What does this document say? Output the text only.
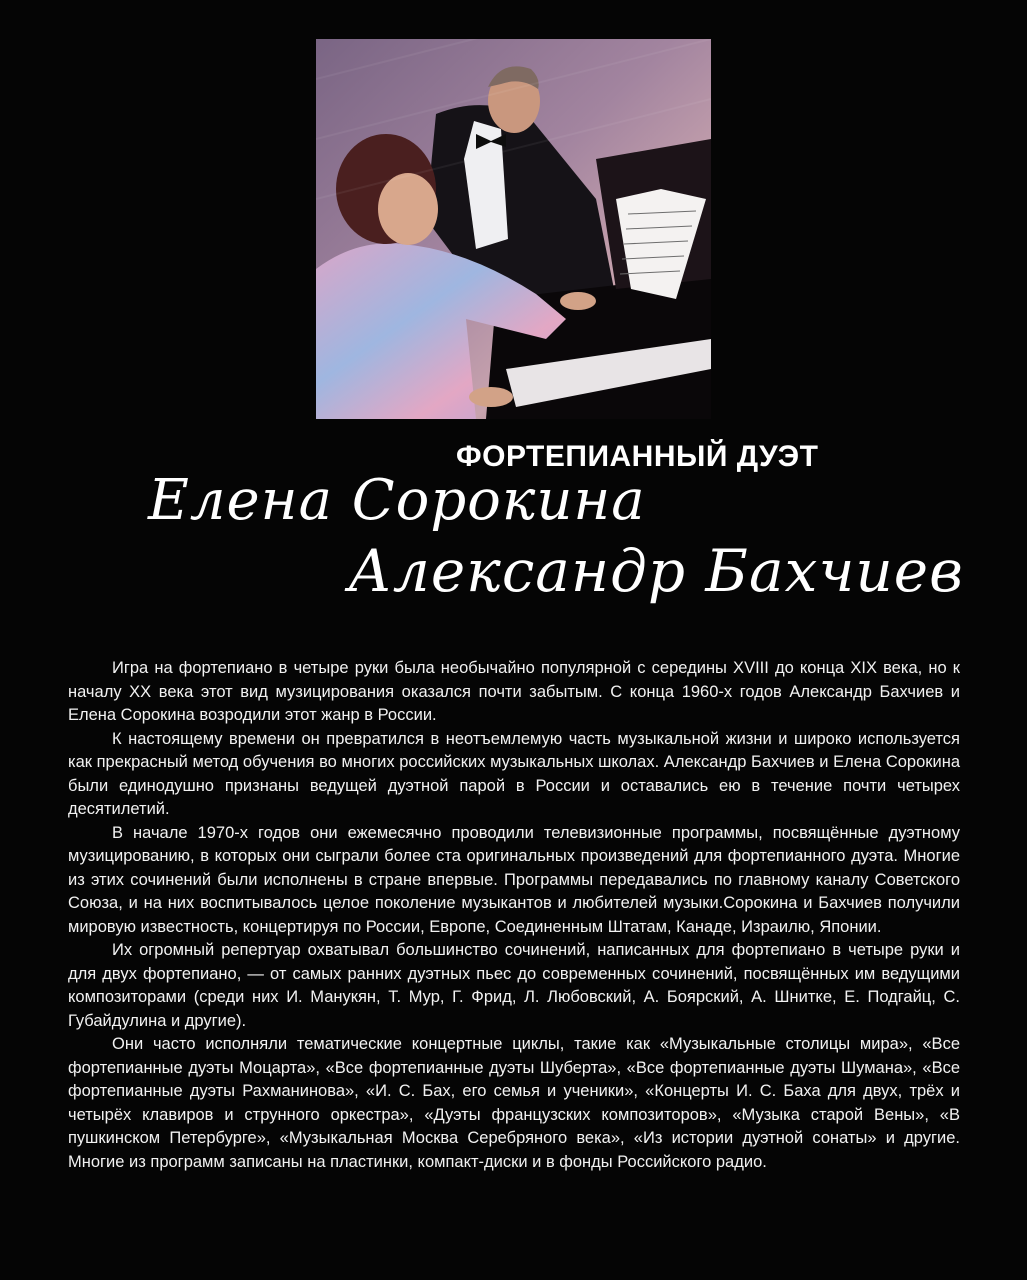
ФОРТЕПИАННЫЙ ДУЭТ
Елена Сорокина
Александр Бахчиев

Игра на фортепиано в четыре руки была необычайно популярной с середины XVIII до конца XIX века, но к началу XX века этот вид музицирования оказался почти забытым. С конца 1960-х годов Александр Бахчиев и Елена Сорокина возродили этот жанр в России.

К настоящему времени он превратился в неотъемлемую часть музыкальной жизни и широко используется как прекрасный метод обучения во многих российских музыкальных школах. Александр Бахчиев и Елена Сорокина были единодушно признаны ведущей дуэтной парой в России и оставались ею в течение почти четырех десятилетий.

В начале 1970-х годов они ежемесячно проводили телевизионные программы, посвящённые дуэтному музицированию, в которых они сыграли более ста оригинальных произведений для фортепианного дуэта. Многие из этих сочинений были исполнены в стране впервые. Программы передавались по главному каналу Советского Союза, и на них воспитывалось целое поколение музыкантов и любителей музыки.Сорокина и Бахчиев получили мировую известность, концертируя по России, Европе, Соединенным Штатам, Канаде, Израилю, Японии.

Их огромный репертуар охватывал большинство сочинений, написанных для фортепиано в четыре руки и для двух фортепиано, — от самых ранних дуэтных пьес до современных сочинений, посвящённых им ведущими композиторами (среди них И. Манукян, Т. Мур, Г. Фрид, Л. Любовский, А. Боярский, А. Шнитке, Е. Подгайц, С. Губайдулина и другие).

Они часто исполняли тематические концертные циклы, такие как «Музыкальные столицы мира», «Все фортепианные дуэты Моцарта», «Все фортепианные дуэты Шуберта», «Все фортепианные дуэты Шумана», «Все фортепианные дуэты Рахманинова», «И. С. Бах, его семья и ученики», «Концерты И. С. Баха для двух, трёх и четырёх клавиров и струнного оркестра», «Дуэты французских композиторов», «Музыка старой Вены», «В пушкинском Петербурге», «Музыкальная Москва Серебряного века», «Из истории дуэтной сонаты» и другие. Многие из программ записаны на пластинки, компакт-диски и в фонды Российского радио.
